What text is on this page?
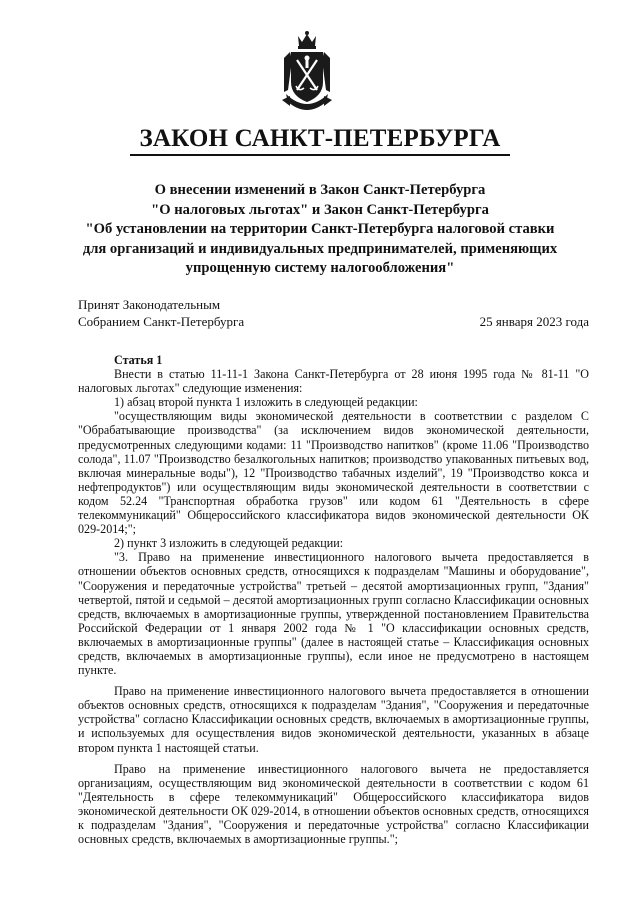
ЗАКОН САНКТ-ПЕТЕРБУРГА
О внесении изменений в Закон Санкт-Петербурга
"О налоговых льготах" и Закон Санкт-Петербурга
"Об установлении на территории Санкт-Петербурга налоговой ставки
для организаций и индивидуальных предпринимателей, применяющих
упрощенную систему налогообложения"
Принят Законодательным
Собранием Санкт-Петербурга	25 января 2023 года

Статья 1

Внести в статью 11-11-1 Закона Санкт-Петербурга от 28 июня 1995 года № 81-11 "О налоговых льготах" следующие изменения:

1) абзац второй пункта 1 изложить в следующей редакции:

"осуществляющим виды экономической деятельности в соответствии с разделом С "Обрабатывающие производства" (за исключением видов экономической деятельности, предусмотренных следующими кодами: 11 "Производство напитков" (кроме 11.06 "Производство солода", 11.07 "Производство безалкогольных напитков; производство упакованных питьевых вод, включая минеральные воды"), 12 "Производство табачных изделий", 19 "Производство кокса и нефтепродуктов") или осуществляющим виды экономической деятельности в соответствии с кодом 52.24 "Транспортная обработка грузов" или кодом 61 "Деятельность в сфере телекоммуникаций" Общероссийского классификатора видов экономической деятельности ОК 029-2014;";

2) пункт 3 изложить в следующей редакции:

"3. Право на применение инвестиционного налогового вычета предоставляется в отношении объектов основных средств, относящихся к подразделам "Машины и оборудование", "Сооружения и передаточные устройства" третьей – десятой амортизационных групп, "Здания" четвертой, пятой и седьмой – десятой амортизационных групп согласно Классификации основных средств, включаемых в амортизационные группы, утвержденной постановлением Правительства Российской Федерации от 1 января 2002 года № 1 "О классификации основных средств, включаемых в амортизационные группы" (далее в настоящей статье – Классификация основных средств, включаемых в амортизационные группы), если иное не предусмотрено в настоящем пункте.

Право на применение инвестиционного налогового вычета предоставляется в отношении объектов основных средств, относящихся к подразделам "Здания", "Сооружения и передаточные устройства" согласно Классификации основных средств, включаемых в амортизационные группы, и используемых для осуществления видов экономической деятельности, указанных в абзаце втором пункта 1 настоящей статьи.

Право на применение инвестиционного налогового вычета не предоставляется организациям, осуществляющим вид экономической деятельности в соответствии с кодом 61 "Деятельность в сфере телекоммуникаций" Общероссийского классификатора видов экономической деятельности ОК 029-2014, в отношении объектов основных средств, относящихся к подразделам "Здания", "Сооружения и передаточные устройства" согласно Классификации основных средств, включаемых в амортизационные группы.";
